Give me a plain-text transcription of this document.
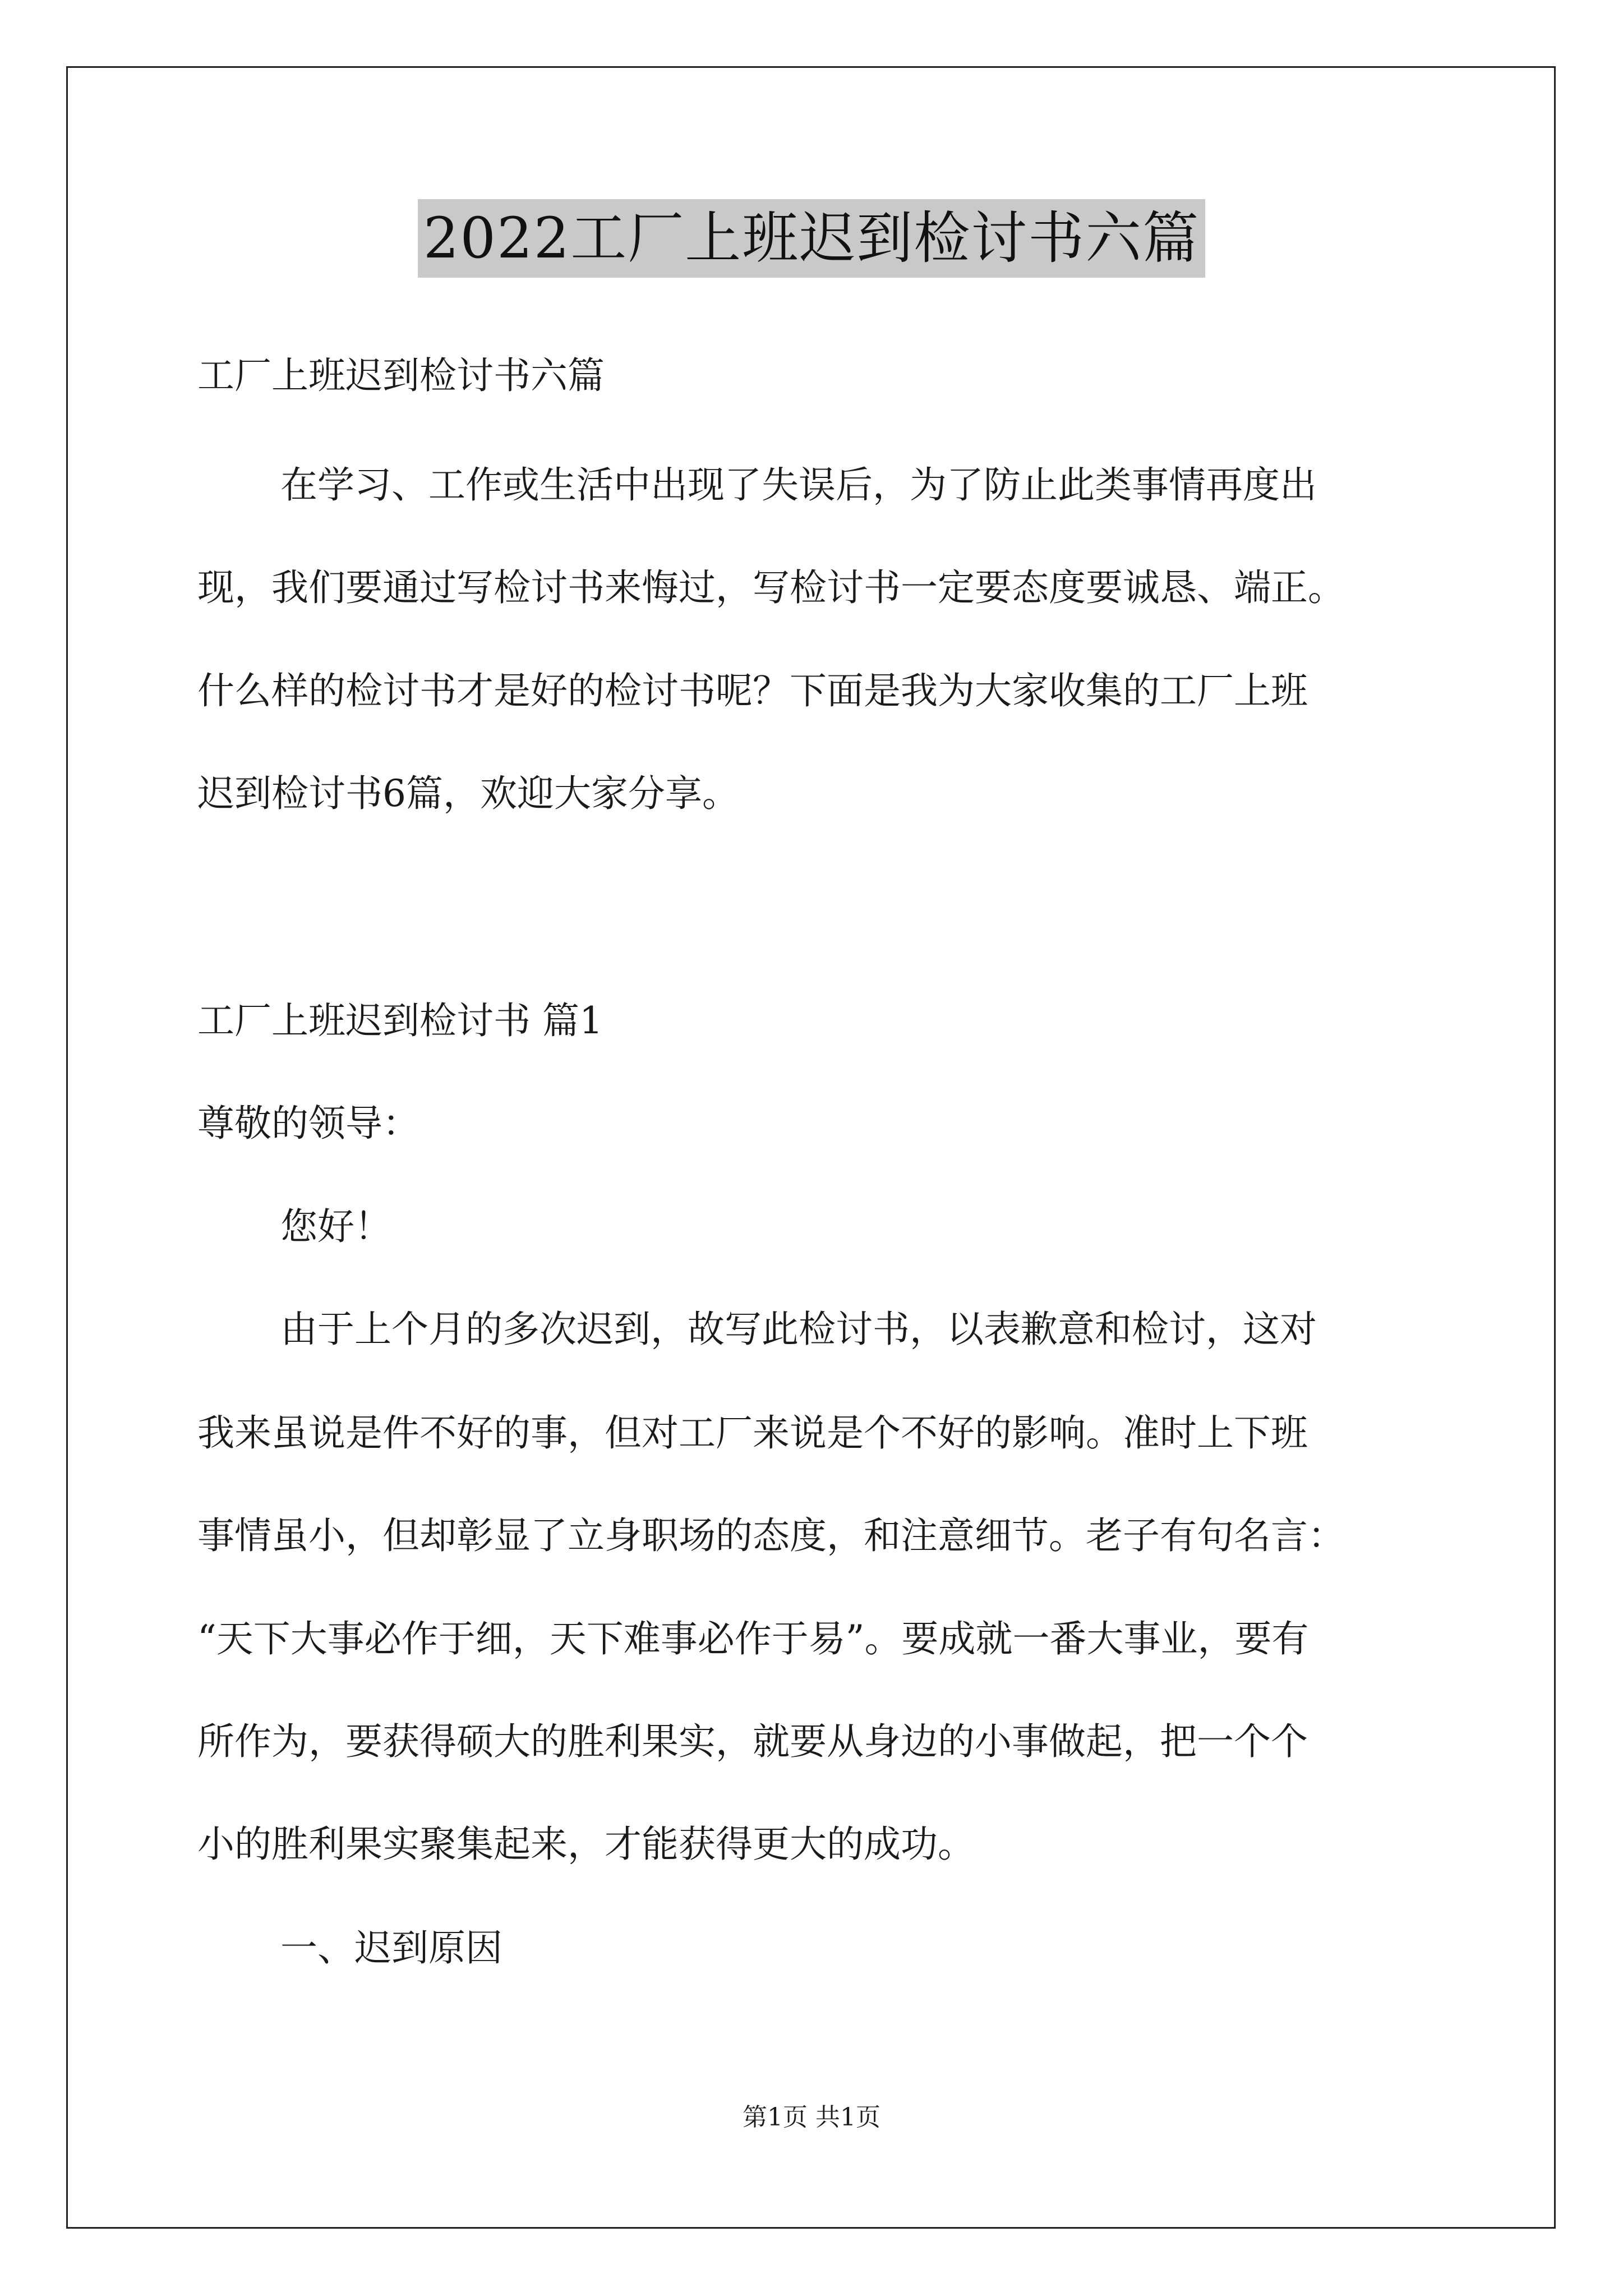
2022工厂上班迟到检讨书六篇
工厂上班迟到检讨书六篇
在学习、工作或生活中出现了失误后，为了防止此类事情再度出
现，我们要通过写检讨书来悔过，写检讨书一定要态度要诚恳、端正。
什么样的检讨书才是好的检讨书呢？下面是我为大家收集的工厂上班
迟到检讨书6篇，欢迎大家分享。
工厂上班迟到检讨书 篇1
尊敬的领导：
您好！
由于上个月的多次迟到，故写此检讨书，以表歉意和检讨，这对
我来虽说是件不好的事，但对工厂来说是个不好的影响。准时上下班
事情虽小，但却彰显了立身职场的态度，和注意细节。老子有句名言：
“天下大事必作于细，天下难事必作于易”。要成就一番大事业，要有
所作为，要获得硕大的胜利果实，就要从身边的小事做起，把一个个
小的胜利果实聚集起来，才能获得更大的成功。
一、迟到原因
第1页 共1页
